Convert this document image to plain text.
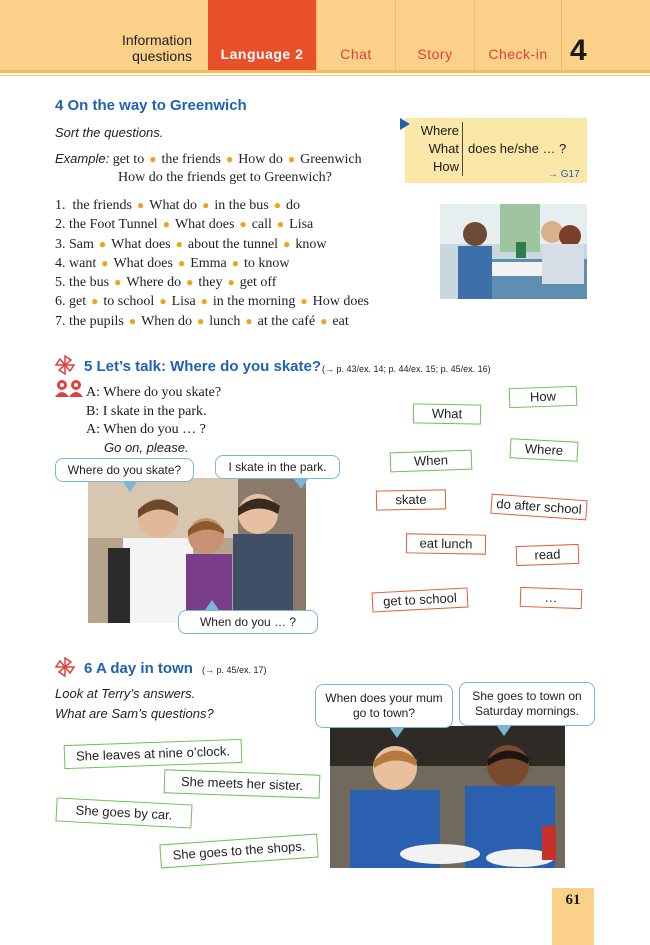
Information
questions Language 2	Chat	Story	Check-in 4
4 On the way to Greenwich
Sort the questions.
Example: get to ● the friends ● How do ● Greenwich
How do the friends get to Greenwich?
Where
What
How
does he/she … ?
→ G17
1. the friends ● What do ● in the bus ● do
2. the Foot Tunnel ● What does ● call ● Lisa
3. Sam ● What does ● about the tunnel ● know
4. want ● What does ● Emma ● to know
5. the bus ● Where do ● they ● get off
6. get ● to school ● Lisa ● in the morning ● How does
7. the pupils ● When do ● lunch ● at the café ● eat
5 Let’s talk: Where do you skate? (→ p. 43/ex. 14; p. 44/ex. 15; p. 45/ex. 16)
A: Where do you skate?
B: I skate in the park.
A: When do you … ?
Go on, please.
Where do you skate?	I skate in the park.
When do you … ?
How
What
Where
When
skate	do after school
eat lunch
read
get to school	…
6 A day in town (→ p. 45/ex. 17)
Look at Terry’s answers.
What are Sam’s questions?
When does your mum go to town?
She goes to town on Saturday mornings.
She leaves at nine o’clock.
She meets her sister.
She goes by car.
She goes to the shops.
61
